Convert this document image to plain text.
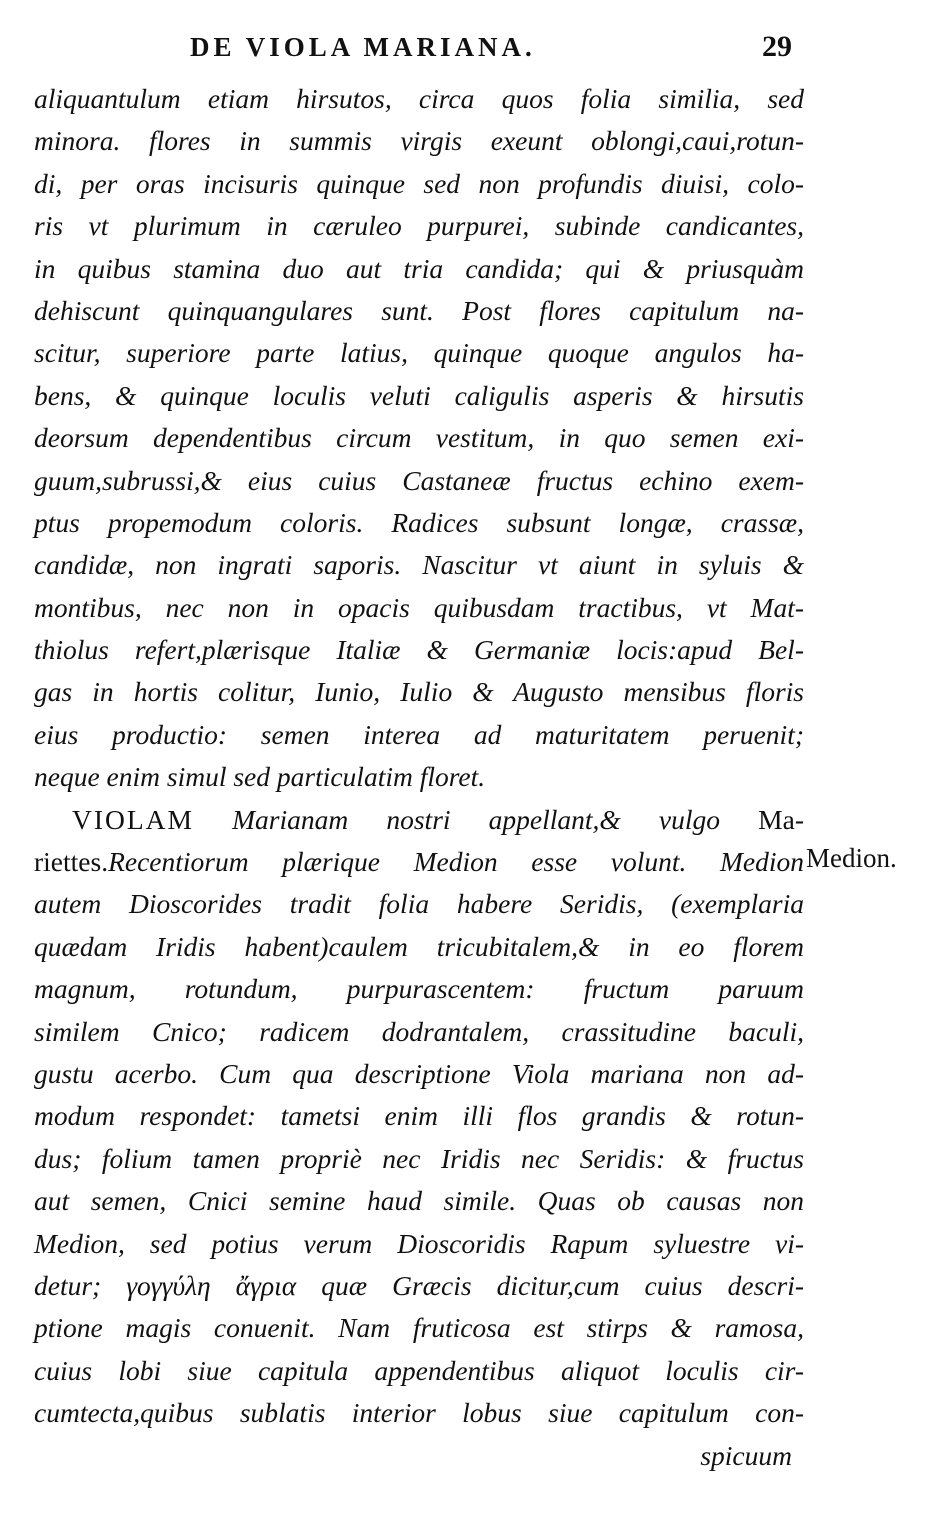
DE VIOLA MARIANA.	29
aliquantulum etiam hirsutos, circa quos folia similia, sed
minora. flores in summis virgis exeunt oblongi,caui,rotun-
di, per oras incisuris quinque sed non profundis diuisi, colo-
ris vt plurimum in cæruleo purpurei, subinde candicantes,
in quibus stamina duo aut tria candida; qui & priusquàm
dehiscunt quinquangulares sunt. Post flores capitulum na-
scitur, superiore parte latius, quinque quoque angulos ha-
bens, & quinque loculis veluti caligulis asperis & hirsutis
deorsum dependentibus circum vestitum, in quo semen exi-
guum,subrussi,& eius cuius Castaneæ fructus echino exem-
ptus propemodum coloris. Radices subsunt longæ, crassæ,
candidæ, non ingrati saporis. Nascitur vt aiunt in syluis &
montibus, nec non in opacis quibusdam tractibus, vt Mat-
thiolus refert,plærisque Italiæ & Germaniæ locis:apud Bel-
gas in hortis colitur, Iunio, Iulio & Augusto mensibus floris
eius productio: semen interea ad maturitatem peruenit;
neque enim simul sed particulatim floret.
VIOLAM Marianam nostri appellant,& vulgo Ma-
riettes.Recentiorum plærique Medion esse volunt. Medion
autem Dioscorides tradit folia habere Seridis, (exemplaria
quædam Iridis habent)caulem tricubitalem,& in eo florem
magnum, rotundum, purpurascentem: fructum paruum
similem Cnico; radicem dodrantalem, crassitudine baculi,
gustu acerbo. Cum qua descriptione Viola mariana non ad-
modum respondet: tametsi enim illi flos grandis & rotun-
dus; folium tamen propriè nec Iridis nec Seridis: & fructus
aut semen, Cnici semine haud simile. Quas ob causas non
Medion, sed potius verum Dioscoridis Rapum syluestre vi-
detur; γογγύλη ἄγρια quæ Græcis dicitur,cum cuius descri-
ptione magis conuenit. Nam fruticosa est stirps & ramosa,
cuius lobi siue capitula appendentibus aliquot loculis cir-
cumtecta,quibus sublatis interior lobus siue capitulum con-
spicuum
Medion.
